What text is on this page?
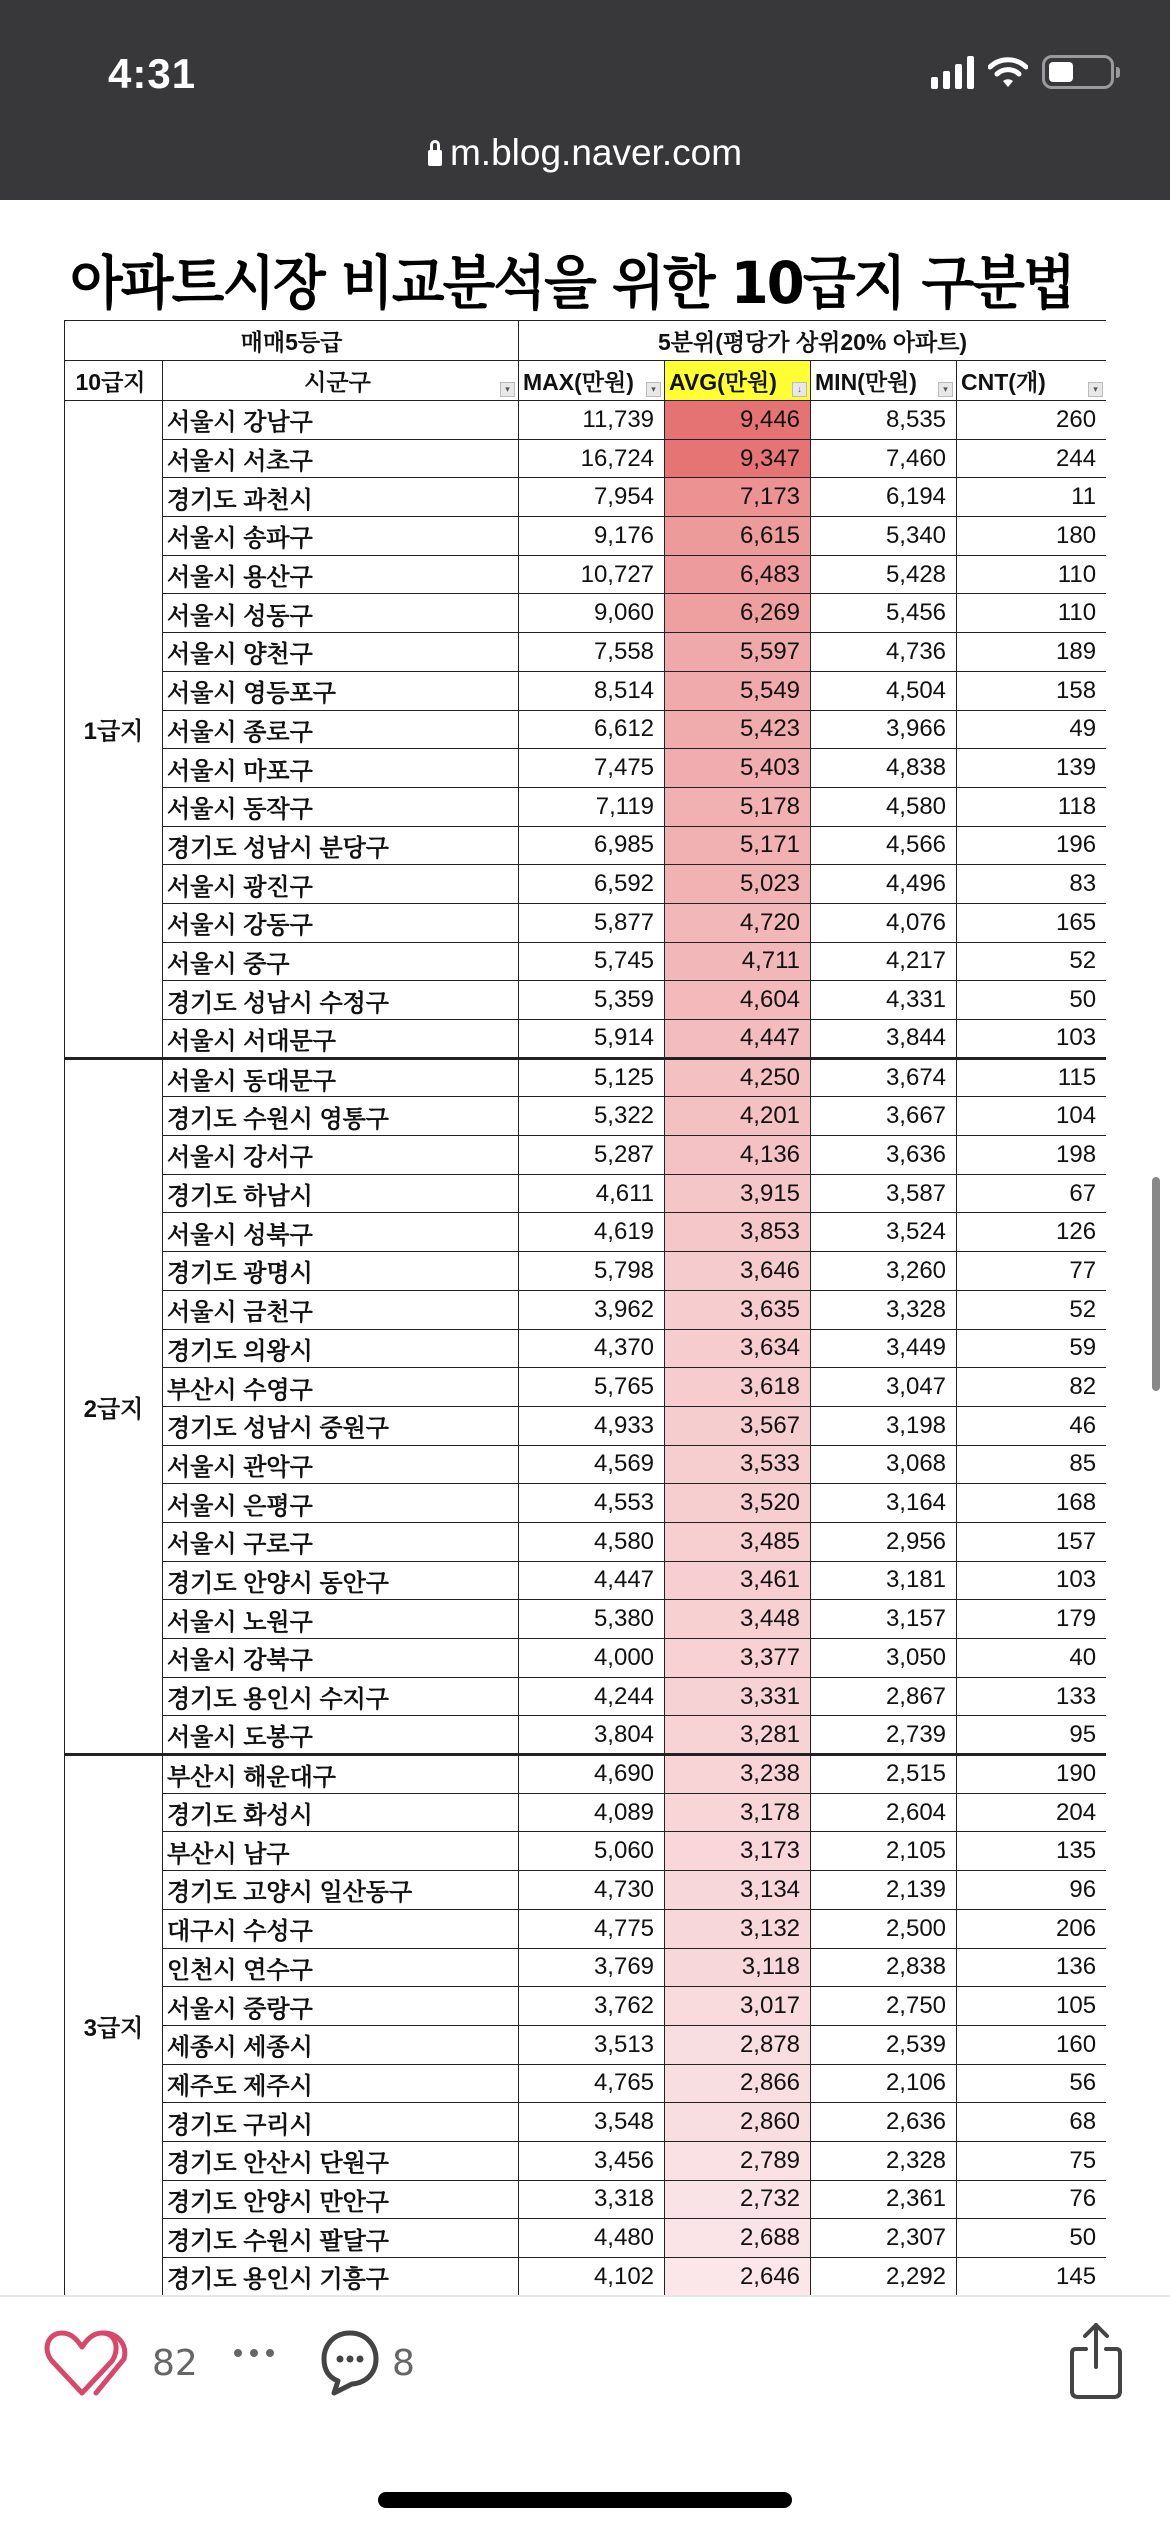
4:31
m.blog.naver.com
아파트시장 비교분석을 위한 10급지 구분법
매매5등급		5분위(평당가 상위20% 아파트)			
10급지	시군구 ▾	MAX(만원) ▾	AVG(만원) ↓	MIN(만원) ▾	CNT(개) ▾

1급지	서울시 강남구	11,739	9,446	8,535	260
	서울시 서초구	16,724	9,347	7,460	244
	경기도 과천시	7,954	7,173	6,194	11
	서울시 송파구	9,176	6,615	5,340	180
	서울시 용산구	10,727	6,483	5,428	110
	서울시 성동구	9,060	6,269	5,456	110
	서울시 양천구	7,558	5,597	4,736	189
	서울시 영등포구	8,514	5,549	4,504	158
	서울시 종로구	6,612	5,423	3,966	49
	서울시 마포구	7,475	5,403	4,838	139
	서울시 동작구	7,119	5,178	4,580	118
	경기도 성남시 분당구	6,985	5,171	4,566	196
	서울시 광진구	6,592	5,023	4,496	83
	서울시 강동구	5,877	4,720	4,076	165
	서울시 중구	5,745	4,711	4,217	52
	경기도 성남시 수정구	5,359	4,604	4,331	50
	서울시 서대문구	5,914	4,447	3,844	103
2급지	서울시 동대문구	5,125	4,250	3,674	115
	경기도 수원시 영통구	5,322	4,201	3,667	104
	서울시 강서구	5,287	4,136	3,636	198
	경기도 하남시	4,611	3,915	3,587	67
	서울시 성북구	4,619	3,853	3,524	126
	경기도 광명시	5,798	3,646	3,260	77
	서울시 금천구	3,962	3,635	3,328	52
	경기도 의왕시	4,370	3,634	3,449	59
	부산시 수영구	5,765	3,618	3,047	82
	경기도 성남시 중원구	4,933	3,567	3,198	46
	서울시 관악구	4,569	3,533	3,068	85
	서울시 은평구	4,553	3,520	3,164	168
	서울시 구로구	4,580	3,485	2,956	157
	경기도 안양시 동안구	4,447	3,461	3,181	103
	서울시 노원구	5,380	3,448	3,157	179
	서울시 강북구	4,000	3,377	3,050	40
	경기도 용인시 수지구	4,244	3,331	2,867	133
	서울시 도봉구	3,804	3,281	2,739	95
3급지	부산시 해운대구	4,690	3,238	2,515	190
	경기도 화성시	4,089	3,178	2,604	204
	부산시 남구	5,060	3,173	2,105	135
	경기도 고양시 일산동구	4,730	3,134	2,139	96
	대구시 수성구	4,775	3,132	2,500	206
	인천시 연수구	3,769	3,118	2,838	136
	서울시 중랑구	3,762	3,017	2,750	105
	세종시 세종시	3,513	2,878	2,539	160
	제주도 제주시	4,765	2,866	2,106	56
	경기도 구리시	3,548	2,860	2,636	68
	경기도 안산시 단원구	3,456	2,789	2,328	75
	경기도 안양시 만안구	3,318	2,732	2,361	76
	경기도 수원시 팔달구	4,480	2,688	2,307	50
	경기도 용인시 기흥구	4,102	2,646	2,292	145
82	8
